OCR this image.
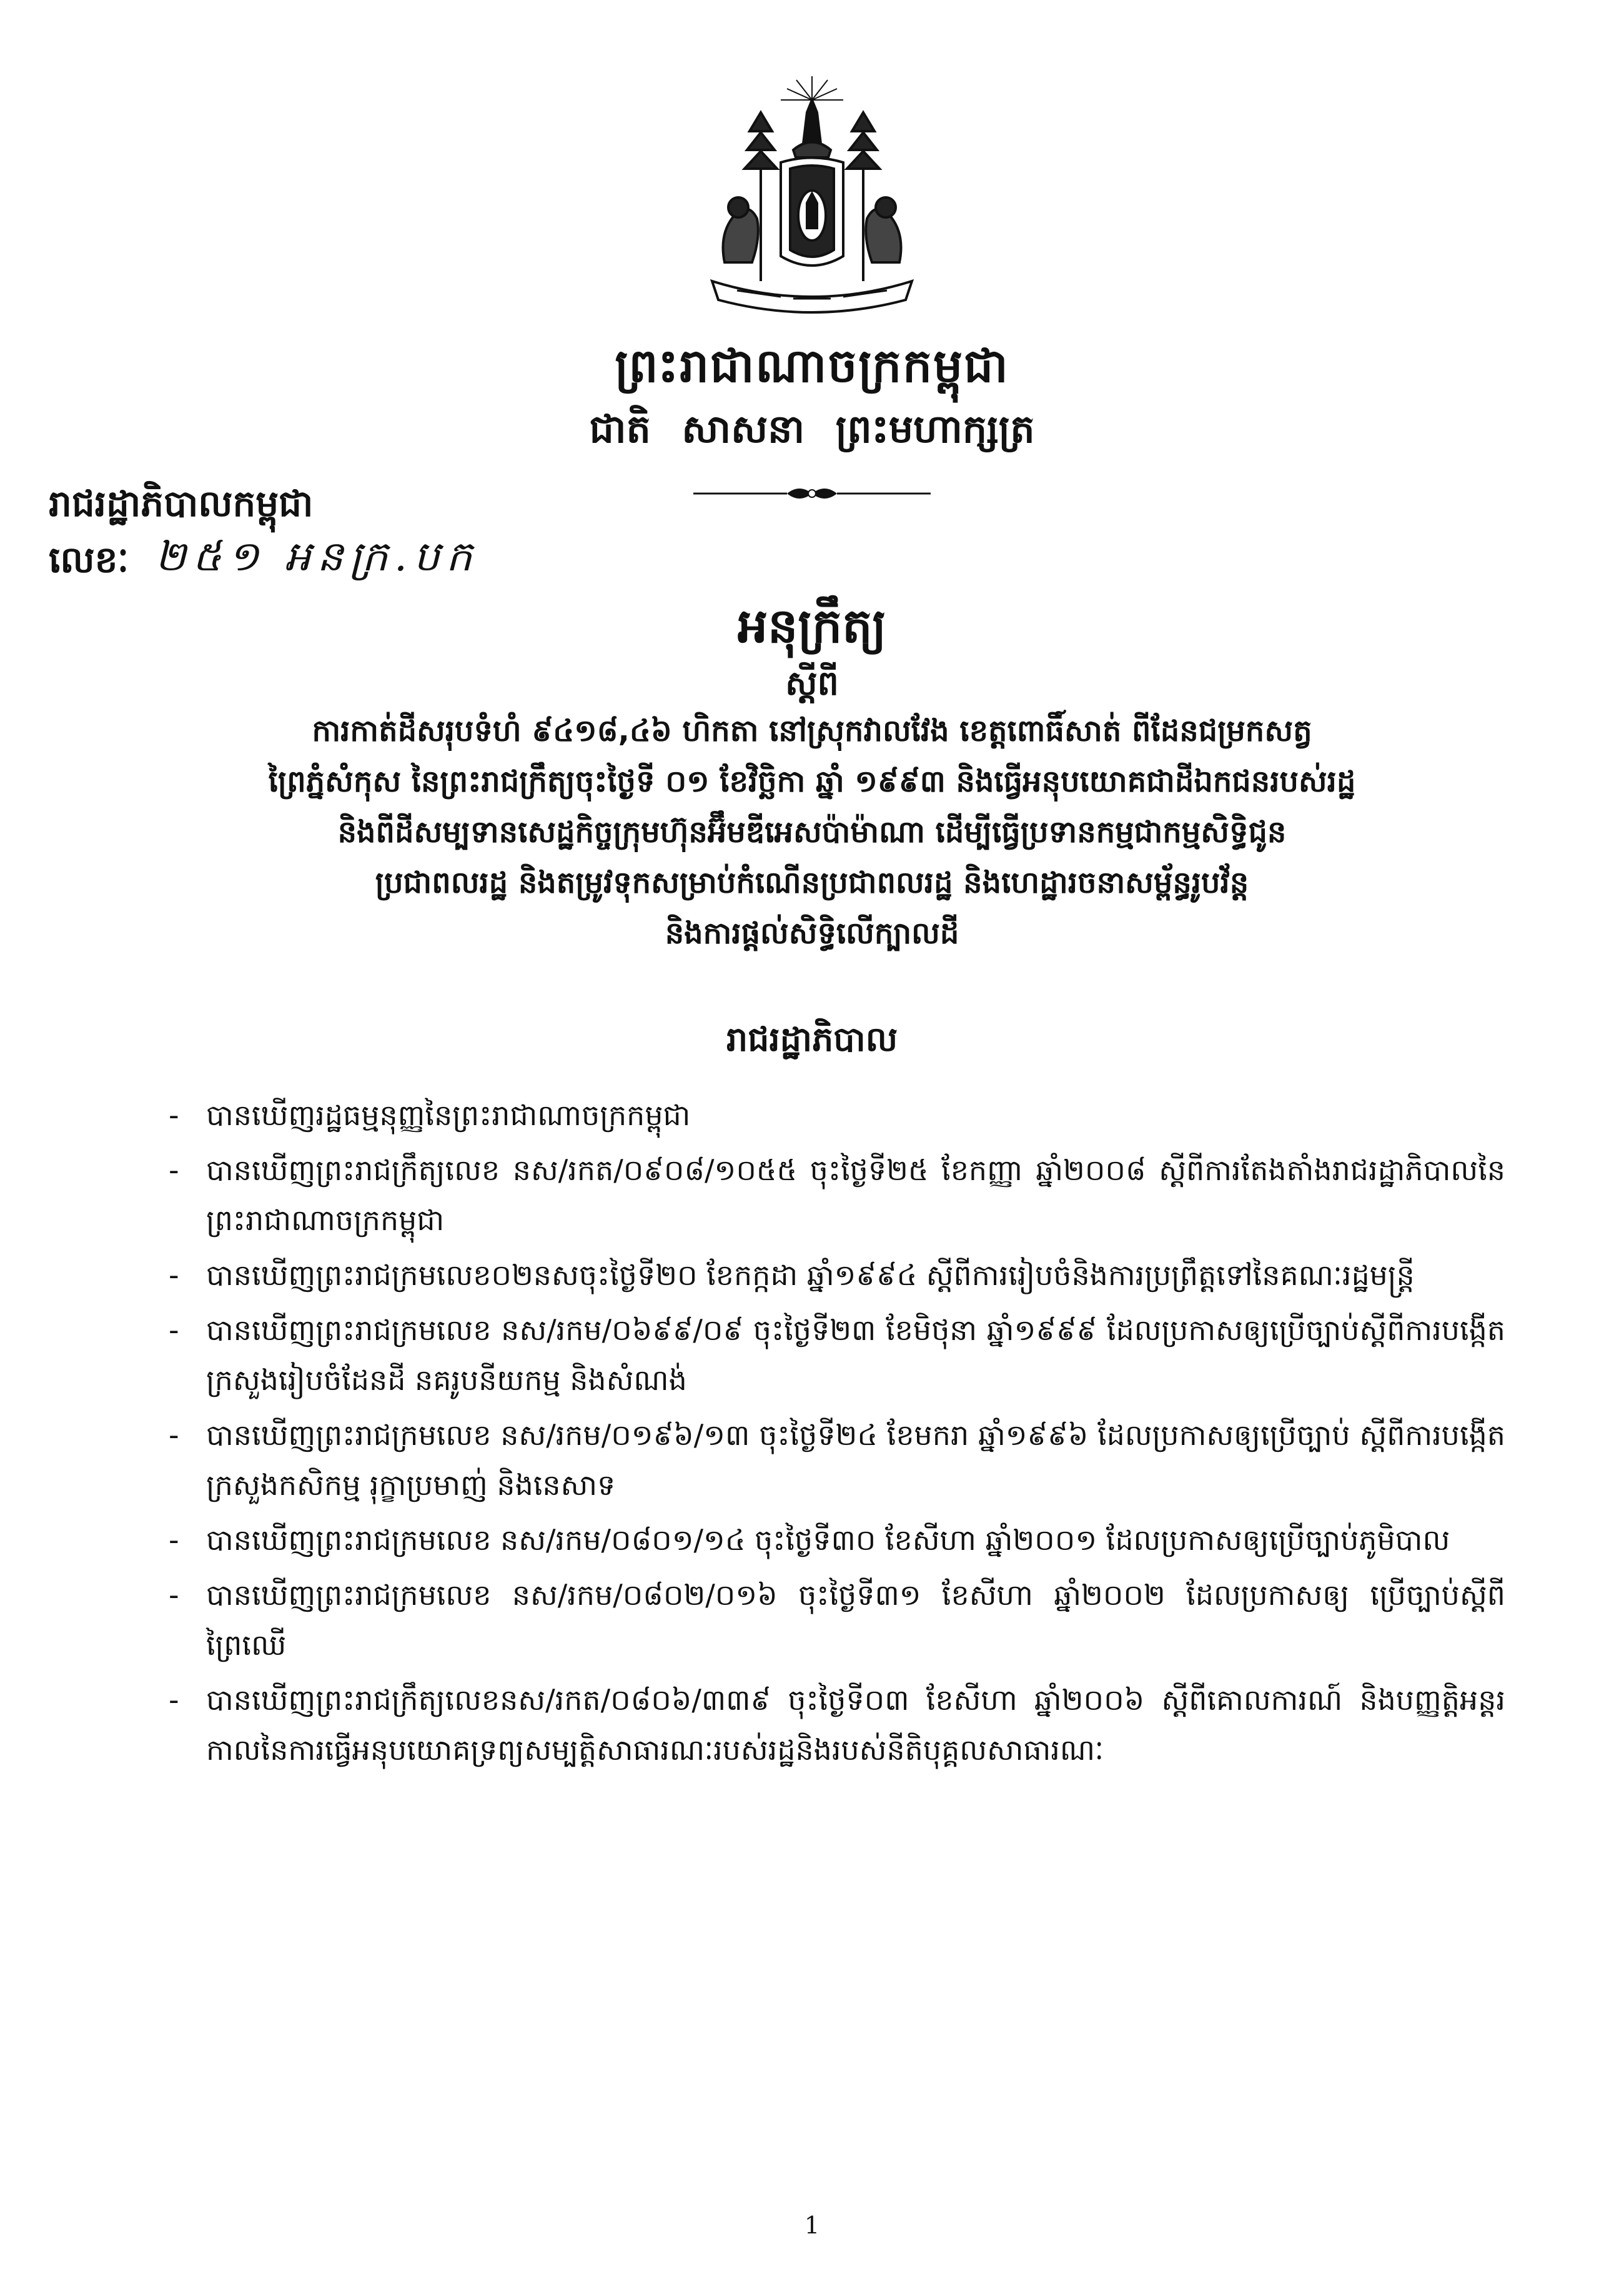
ព្រះរាជាណាចក្រកម្ពុជា
ជាតិ សាសនា ព្រះមហាក្សត្រ
រាជរដ្ឋាភិបាលកម្ពុជា
លេខៈ ២៥១ អនក្រ.បក
អនុក្រឹត្យ
ស្តីពី
ការកាត់ដីសរុបទំហំ ៩៤១៨,៤៦ ហិកតា នៅស្រុកវាលវែង ខេត្តពោធិ៍សាត់ ពីដែនជម្រកសត្វ
ព្រៃភ្នំសំកុស នៃព្រះរាជក្រឹត្យចុះថ្ងៃទី ០១ ខែវិច្ឆិកា ឆ្នាំ ១៩៩៣ និងធ្វើអនុបយោគជាដីឯកជនរបស់រដ្ឋ
និងពីដីសម្បទានសេដ្ឋកិច្ចក្រុមហ៊ុនអ៊ឹមឌីអេសប៉ាម៉ាណា ដើម្បីធ្វើប្រទានកម្មជាកម្មសិទ្ធិជូន
ប្រជាពលរដ្ឋ និងតម្រូវទុកសម្រាប់កំណើនប្រជាពលរដ្ឋ និងហេដ្ឋារចនាសម្ព័ន្ធរូបវ័ន្ត
និងការផ្តល់សិទ្ធិលើក្បាលដី
រាជរដ្ឋាភិបាល
- បានឃើញរដ្ឋធម្មនុញ្ញនៃព្រះរាជាណាចក្រកម្ពុជា
- បានឃើញព្រះរាជក្រឹត្យលេខ នស/រកត/០៩០៨/១០៥៥ ចុះថ្ងៃទី២៥ ខែកញ្ញា ឆ្នាំ២០០៨ ស្តីពីការតែងតាំងរាជរដ្ឋាភិបាលនៃព្រះរាជាណាចក្រកម្ពុជា
- បានឃើញព្រះរាជក្រមលេខ០២នសចុះថ្ងៃទី២០ ខែកក្កដា ឆ្នាំ១៩៩៤ ស្តីពីការរៀបចំនិងការប្រព្រឹត្តទៅនៃគណៈរដ្ឋមន្ត្រី
- បានឃើញព្រះរាជក្រមលេខ នស/រកម/០៦៩៩/០៩ ចុះថ្ងៃទី២៣ ខែមិថុនា ឆ្នាំ១៩៩៩ ដែលប្រកាសឲ្យប្រើច្បាប់ស្តីពីការបង្កើតក្រសួងរៀបចំដែនដី នគរូបនីយកម្ម និងសំណង់
- បានឃើញព្រះរាជក្រមលេខ នស/រកម/០១៩៦/១៣ ចុះថ្ងៃទី២៤ ខែមករា ឆ្នាំ១៩៩៦ ដែលប្រកាសឲ្យប្រើច្បាប់ ស្តីពីការបង្កើតក្រសួងកសិកម្ម រុក្ខាប្រមាញ់ និងនេសាទ
- បានឃើញព្រះរាជក្រមលេខ នស/រកម/០៨០១/១៤ ចុះថ្ងៃទី៣០ ខែសីហា ឆ្នាំ២០០១ ដែលប្រកាសឲ្យប្រើច្បាប់ភូមិបាល
- បានឃើញព្រះរាជក្រមលេខ នស/រកម/០៨០២/០១៦ ចុះថ្ងៃទី៣១ ខែសីហា ឆ្នាំ២០០២ ដែលប្រកាសឲ្យ ប្រើច្បាប់ស្តីពីព្រៃឈើ
- បានឃើញព្រះរាជក្រឹត្យលេខនស/រកត/០៨០៦/៣៣៩ ចុះថ្ងៃទី០៣ ខែសីហា ឆ្នាំ២០០៦ ស្តីពីគោលការណ៍ និងបញ្ញត្តិអន្តរកាលនៃការធ្វើអនុបយោគទ្រព្យសម្បត្តិសាធារណៈរបស់រដ្ឋនិងរបស់នីតិបុគ្គលសាធារណៈ
1
